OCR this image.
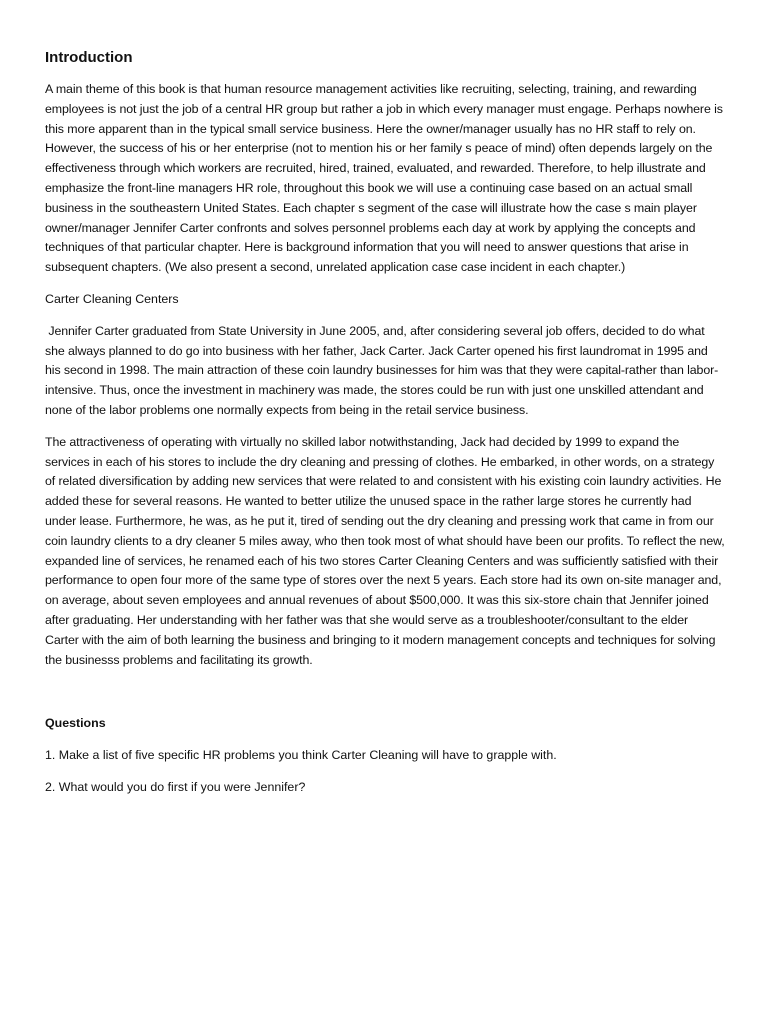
Introduction

A main theme of this book is that human resource management activities like recruiting, selecting, training, and rewarding employees is not just the job of a central HR group but rather a job in which every manager must engage. Perhaps nowhere is this more apparent than in the typical small service business. Here the owner/manager usually has no HR staff to rely on. However, the success of his or her enterprise (not to mention his or her family s peace of mind) often depends largely on the effectiveness through which workers are recruited, hired, trained, evaluated, and rewarded. Therefore, to help illustrate and emphasize the front-line managers HR role, throughout this book we will use a continuing case based on an actual small business in the southeastern United States. Each chapter s segment of the case will illustrate how the case s main player owner/manager Jennifer Carter confronts and solves personnel problems each day at work by applying the concepts and techniques of that particular chapter. Here is background information that you will need to answer questions that arise in subsequent chapters. (We also present a second, unrelated application case case incident in each chapter.)

Carter Cleaning Centers

Jennifer Carter graduated from State University in June 2005, and, after considering several job offers, decided to do what she always planned to do go into business with her father, Jack Carter. Jack Carter opened his first laundromat in 1995 and his second in 1998. The main attraction of these coin laundry businesses for him was that they were capital-rather than labor-intensive. Thus, once the investment in machinery was made, the stores could be run with just one unskilled attendant and none of the labor problems one normally expects from being in the retail service business.

The attractiveness of operating with virtually no skilled labor notwithstanding, Jack had decided by 1999 to expand the services in each of his stores to include the dry cleaning and pressing of clothes. He embarked, in other words, on a strategy of related diversification by adding new services that were related to and consistent with his existing coin laundry activities. He added these for several reasons. He wanted to better utilize the unused space in the rather large stores he currently had under lease. Furthermore, he was, as he put it, tired of sending out the dry cleaning and pressing work that came in from our coin laundry clients to a dry cleaner 5 miles away, who then took most of what should have been our profits. To reflect the new, expanded line of services, he renamed each of his two stores Carter Cleaning Centers and was sufficiently satisfied with their performance to open four more of the same type of stores over the next 5 years. Each store had its own on-site manager and, on average, about seven employees and annual revenues of about $500,000. It was this six-store chain that Jennifer joined after graduating. Her understanding with her father was that she would serve as a troubleshooter/consultant to the elder Carter with the aim of both learning the business and bringing to it modern management concepts and techniques for solving the businesss problems and facilitating its growth.

Questions

1. Make a list of five specific HR problems you think Carter Cleaning will have to grapple with.

2. What would you do first if you were Jennifer?
